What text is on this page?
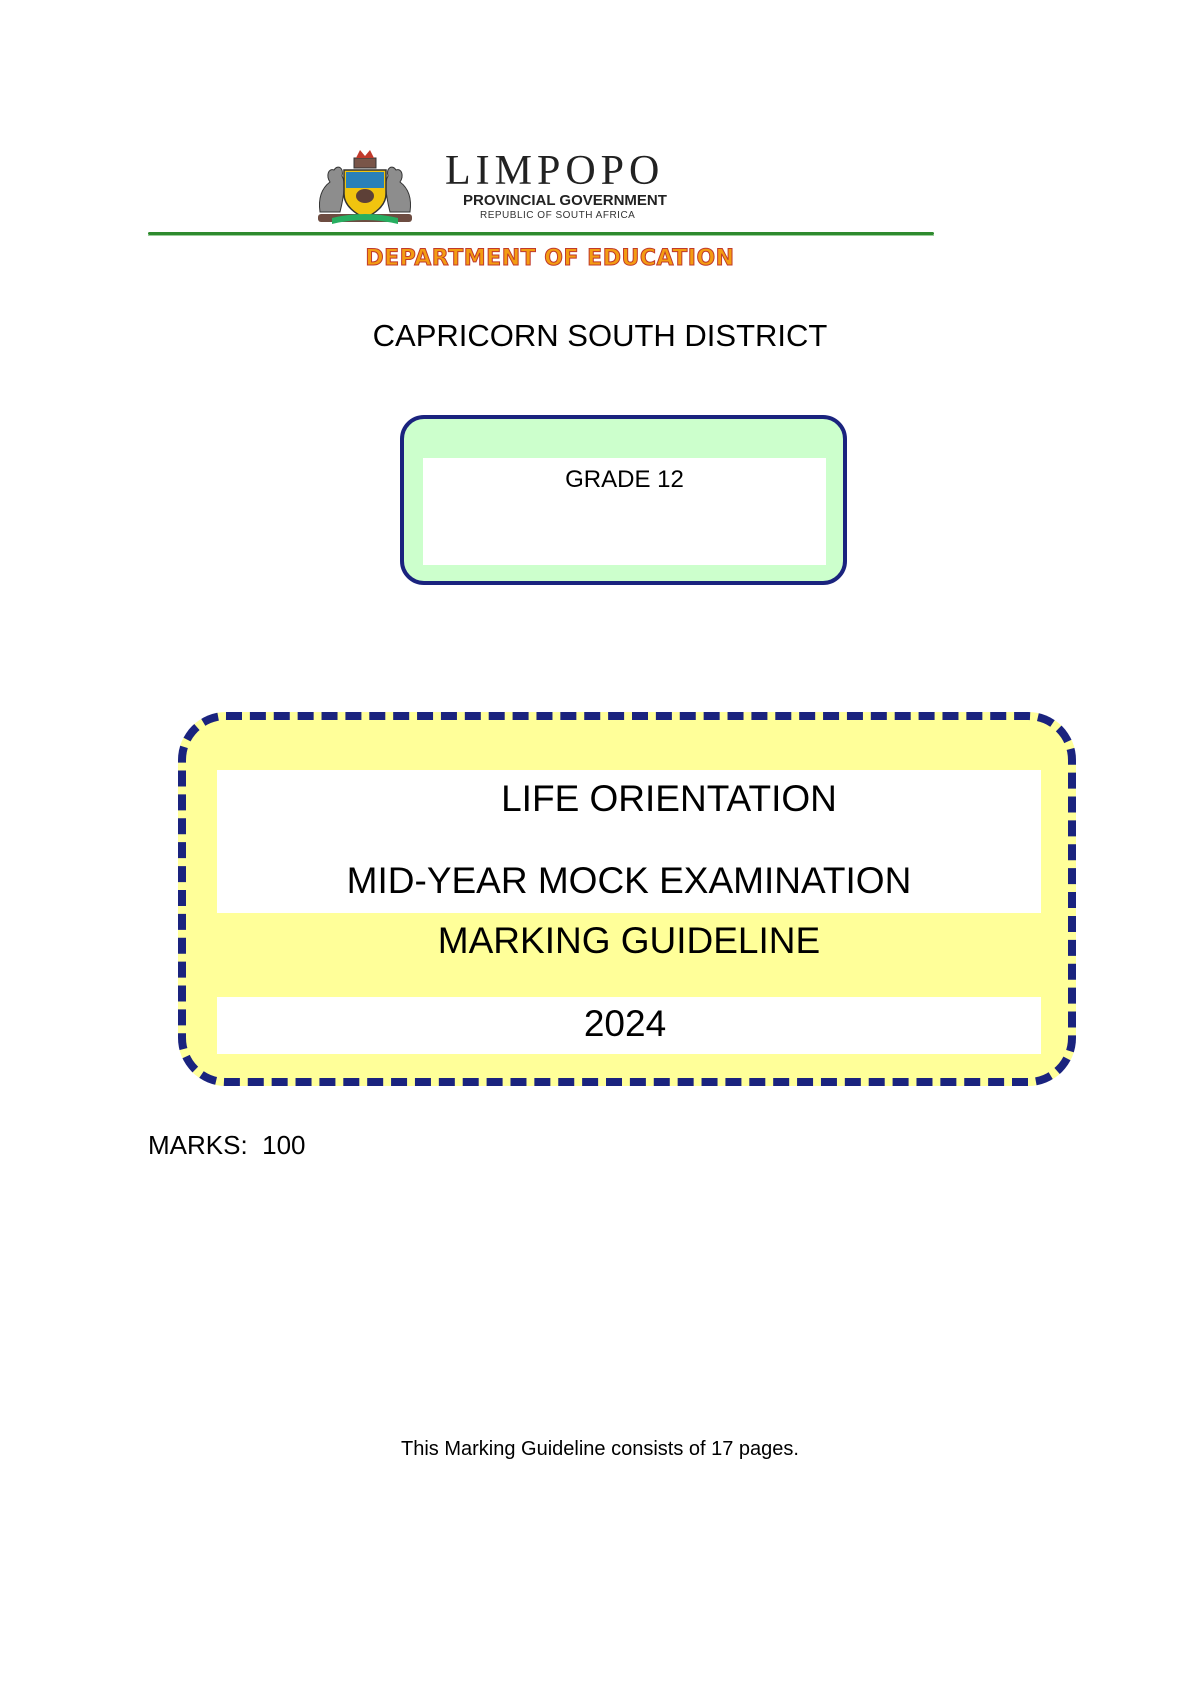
LIMPOPO
PROVINCIAL GOVERNMENT
REPUBLIC OF SOUTH AFRICA
DEPARTMENT OF EDUCATION
CAPRICORN SOUTH DISTRICT
GRADE 12
LIFE ORIENTATION
MID-YEAR MOCK EXAMINATION
MARKING GUIDELINE
2024
MARKS:  100
This Marking Guideline consists of 17 pages.
